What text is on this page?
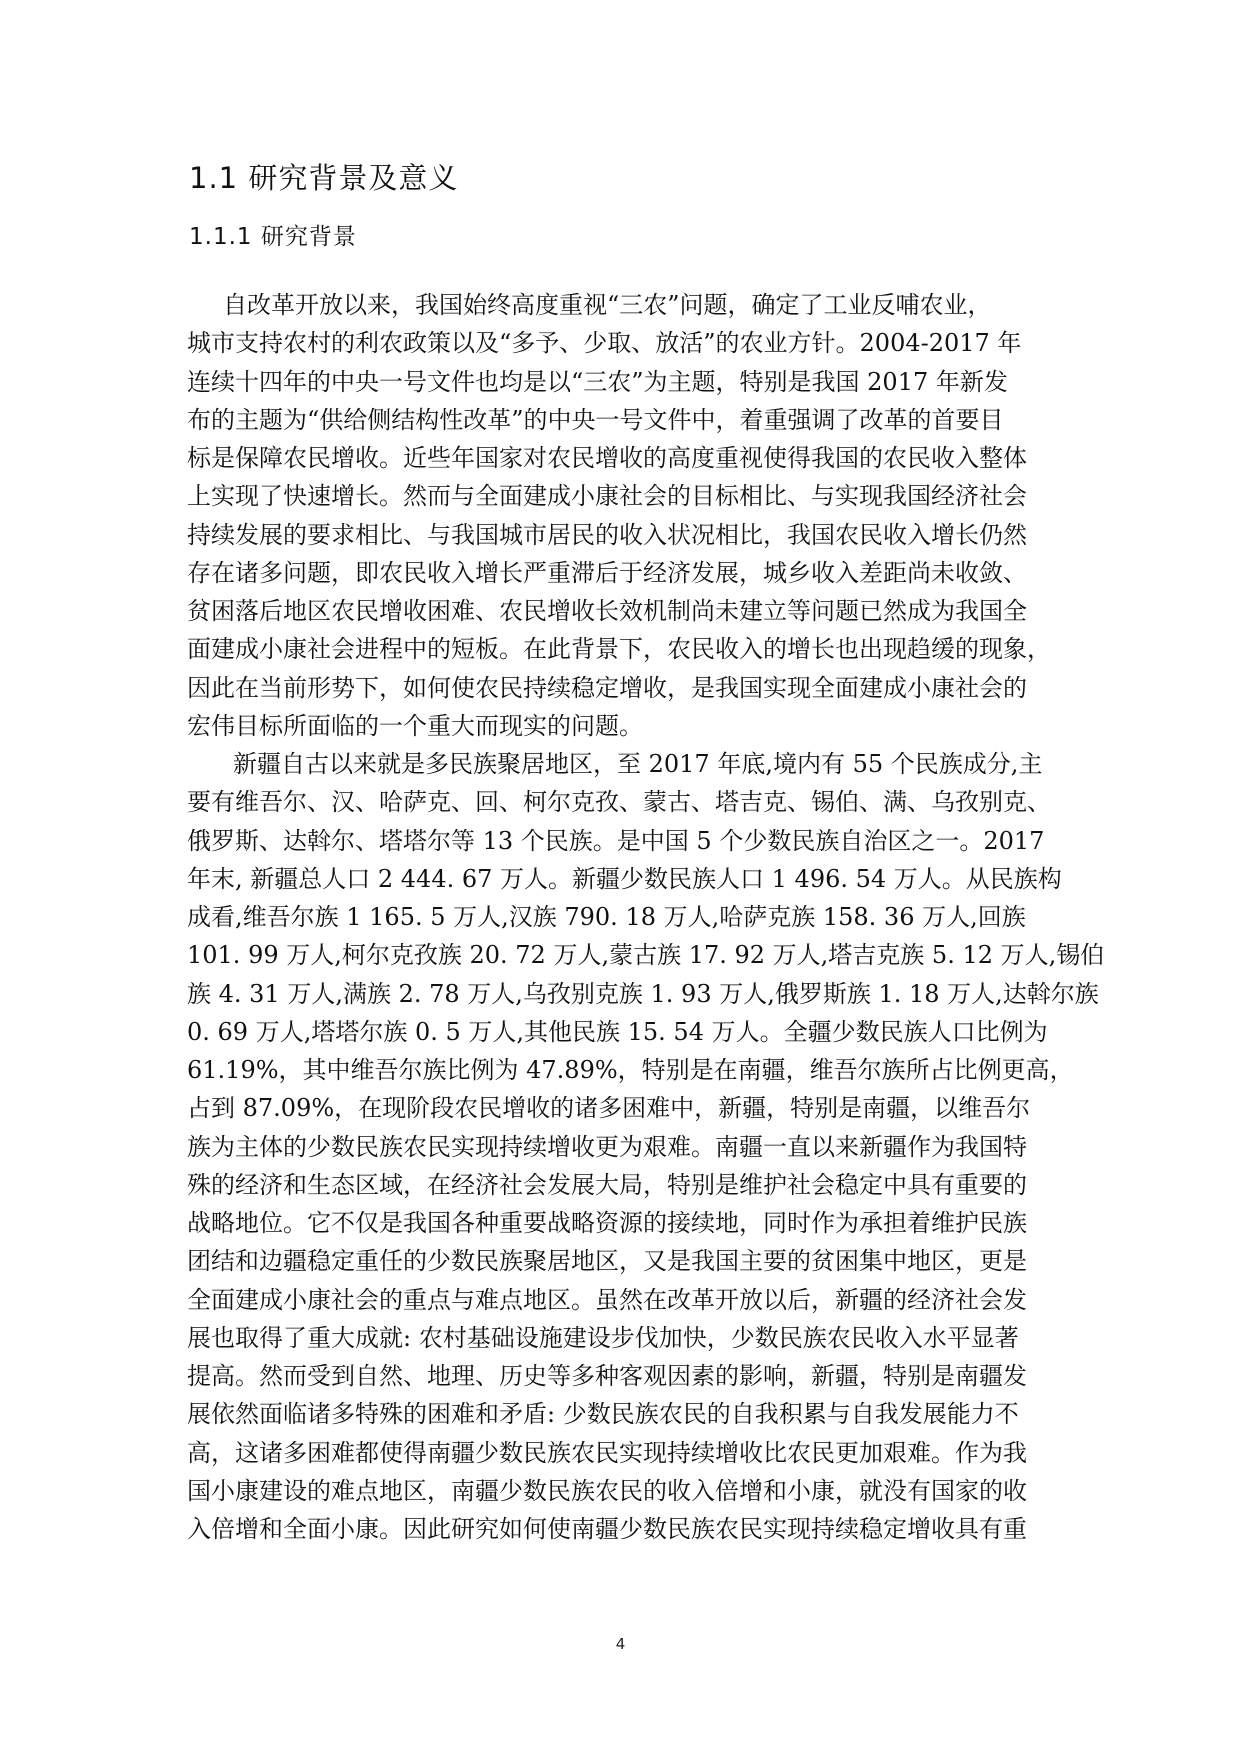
1.1 研究背景及意义
1.1.1 研究背景
自改革开放以来，我国始终高度重视“三农”问题，确定了工业反哺农业，
城市支持农村的利农政策以及“多予、少取、放活”的农业方针。2004-2017 年
连续十四年的中央一号文件也均是以“三农”为主题，特别是我国 2017 年新发
布的主题为“供给侧结构性改革”的中央一号文件中，着重强调了改革的首要目
标是保障农民增收。近些年国家对农民增收的高度重视使得我国的农民收入整体
上实现了快速增长。然而与全面建成小康社会的目标相比、与实现我国经济社会
持续发展的要求相比、与我国城市居民的收入状况相比，我国农民收入增长仍然
存在诸多问题，即农民收入增长严重滞后于经济发展，城乡收入差距尚未收敛、
贫困落后地区农民增收困难、农民增收长效机制尚未建立等问题已然成为我国全
面建成小康社会进程中的短板。在此背景下，农民收入的增长也出现趋缓的现象，
因此在当前形势下，如何使农民持续稳定增收，是我国实现全面建成小康社会的
宏伟目标所面临的一个重大而现实的问题。
新疆自古以来就是多民族聚居地区，至 2017 年底,境内有 55 个民族成分,主
要有维吾尔、汉、哈萨克、回、柯尔克孜、蒙古、塔吉克、锡伯、满、乌孜别克、
俄罗斯、达斡尔、塔塔尔等 13 个民族。是中国 5 个少数民族自治区之一。2017
年末, 新疆总人口 2 444. 67 万人。新疆少数民族人口 1 496. 54 万人。从民族构
成看,维吾尔族 1 165. 5 万人,汉族 790. 18 万人,哈萨克族 158. 36 万人,回族
101. 99 万人,柯尔克孜族 20. 72 万人,蒙古族 17. 92 万人,塔吉克族 5. 12 万人,锡伯
族 4. 31 万人,满族 2. 78 万人,乌孜别克族 1. 93 万人,俄罗斯族 1. 18 万人,达斡尔族
0. 69 万人,塔塔尔族 0. 5 万人,其他民族 15. 54 万人。全疆少数民族人口比例为
61.19%，其中维吾尔族比例为 47.89%，特别是在南疆，维吾尔族所占比例更高，
占到 87.09%，在现阶段农民增收的诸多困难中，新疆，特别是南疆，以维吾尔
族为主体的少数民族农民实现持续增收更为艰难。南疆一直以来新疆作为我国特
殊的经济和生态区域，在经济社会发展大局，特别是维护社会稳定中具有重要的
战略地位。它不仅是我国各种重要战略资源的接续地，同时作为承担着维护民族
团结和边疆稳定重任的少数民族聚居地区，又是我国主要的贫困集中地区，更是
全面建成小康社会的重点与难点地区。虽然在改革开放以后，新疆的经济社会发
展也取得了重大成就: 农村基础设施建设步伐加快，少数民族农民收入水平显著
提高。然而受到自然、地理、历史等多种客观因素的影响，新疆，特别是南疆发
展依然面临诸多特殊的困难和矛盾: 少数民族农民的自我积累与自我发展能力不
高，这诸多困难都使得南疆少数民族农民实现持续增收比农民更加艰难。作为我
国小康建设的难点地区，南疆少数民族农民的收入倍增和小康，就没有国家的收
入倍增和全面小康。因此研究如何使南疆少数民族农民实现持续稳定增收具有重
4
